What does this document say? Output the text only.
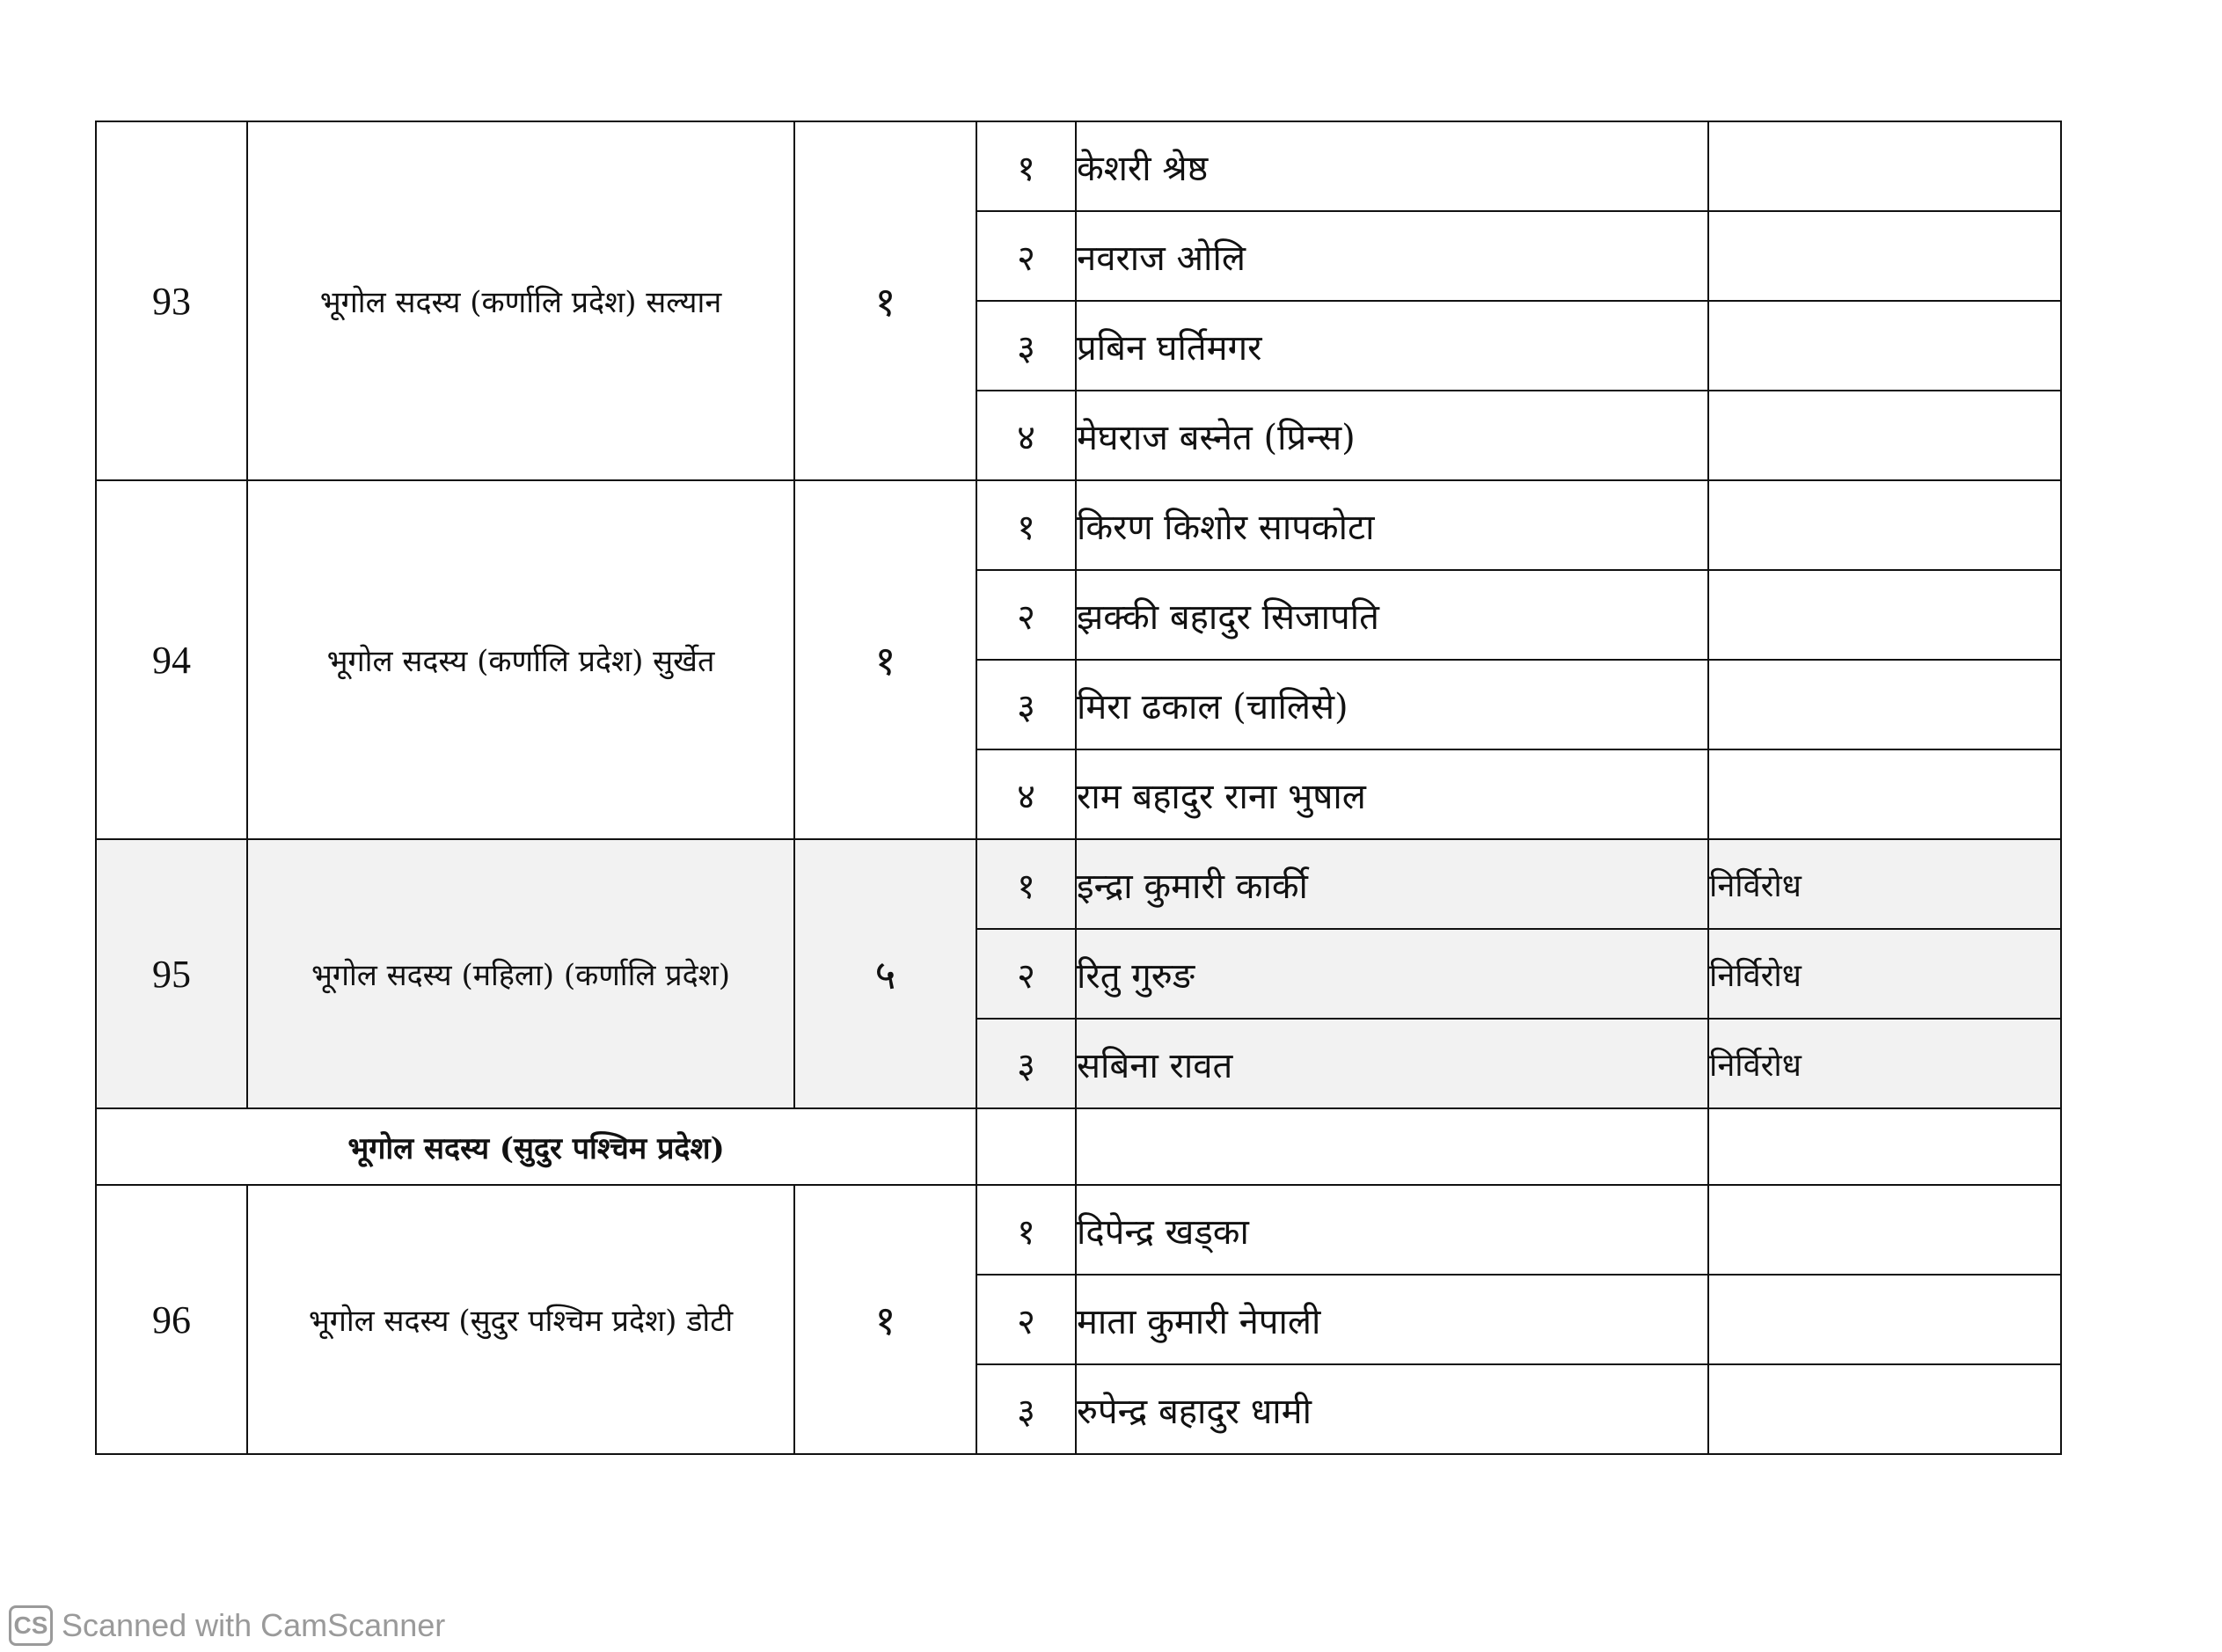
93	भूगोल सदस्य (कर्णालि प्रदेश) सल्यान	१	१	केशरी श्रेष्ठ	
			२	नवराज ओलि	
			३	प्रबिन घर्तिमगर	
			४	मेघराज बस्नेत (प्रिन्स)	
94	भूगोल सदस्य (कर्णालि प्रदेश) सुर्खेत	१	१	किरण किशोर सापकोटा	
			२	झक्की बहादुर सिजापति	
			३	मिरा ढकाल (चालिसे)	
			४	राम बहादुर राना भुषाल	
95	भूगोल सदस्य (महिला) (कर्णालि प्रदेश)	५	१	इन्द्रा कुमारी कार्की	निर्विरोध
			२	रितु गुरुङ	निर्विरोध
			३	सबिना रावत	निर्विरोध
भूगोल सदस्य (सुदुर पश्चिम प्रदेश)					
96	भूगोल सदस्य (सुदुर पश्चिम प्रदेश) डोटी	१	१	दिपेन्द्र खड्का	
			२	माता कुमारी नेपाली	
			३	रुपेन्द्र बहादुर धामी	
CS Scanned with CamScanner
